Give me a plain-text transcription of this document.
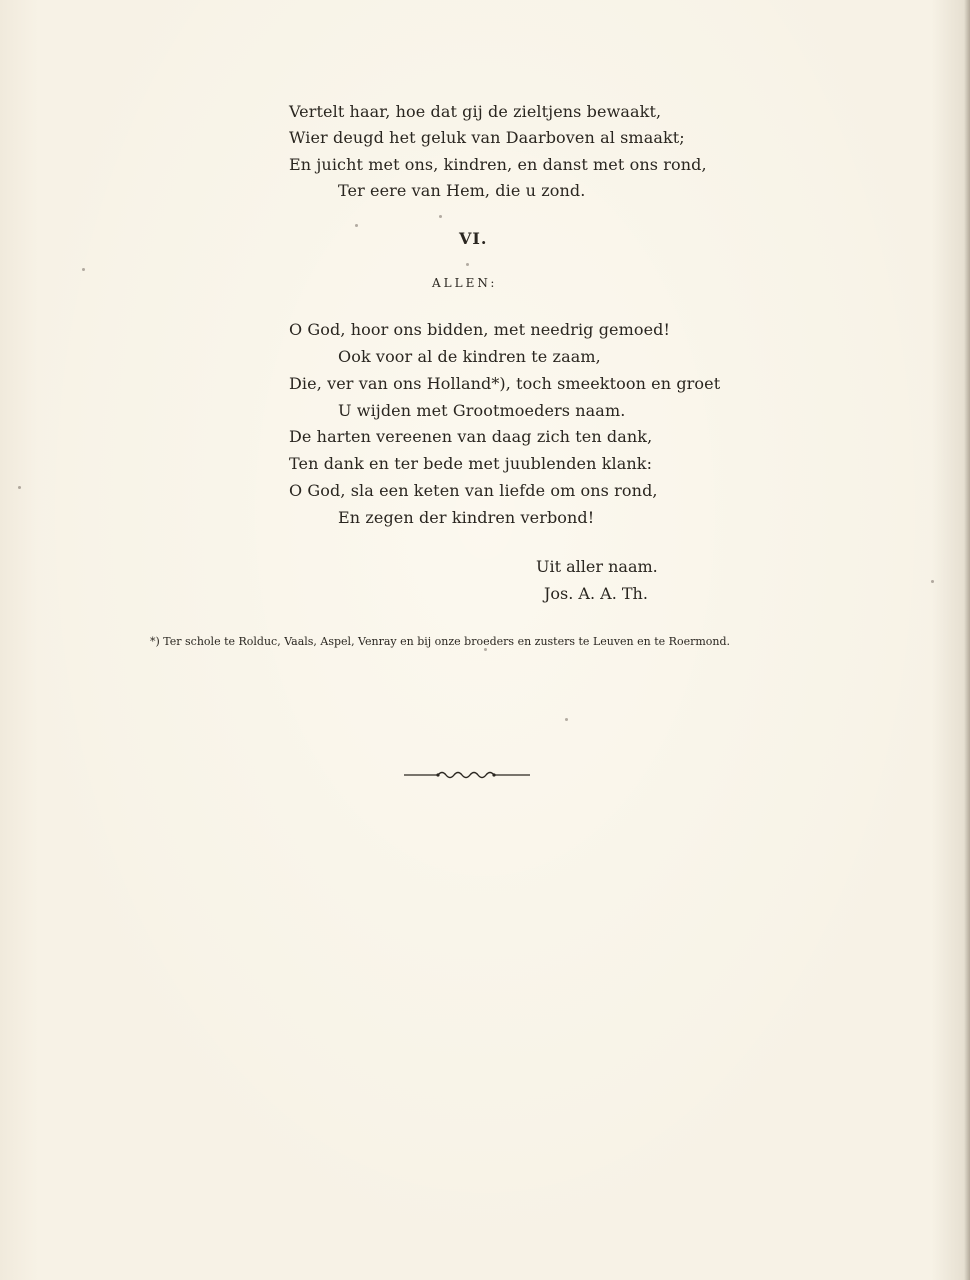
Vertelt haar, hoe dat gij de zieltjens bewaakt,
Wier deugd het geluk van Daarboven al smaakt;
En juicht met ons, kindren, en danst met ons rond,
Ter eere van Hem, die u zond.
VI.
ALLEN:
O God, hoor ons bidden, met needrig gemoed!
Ook voor al de kindren te zaam,
Die, ver van ons Holland*), toch smeektoon en groet
U wijden met Grootmoeders naam.
De harten vereenen van daag zich ten dank,
Ten dank en ter bede met juublenden klank:
O God, sla een keten van liefde om ons rond,
En zegen der kindren verbond!
Uit aller naam.
Jos. A. A. Th.
*) Ter schole te Rolduc, Vaals, Aspel, Venray en bij onze broeders en zusters te Leuven en te Roermond.
